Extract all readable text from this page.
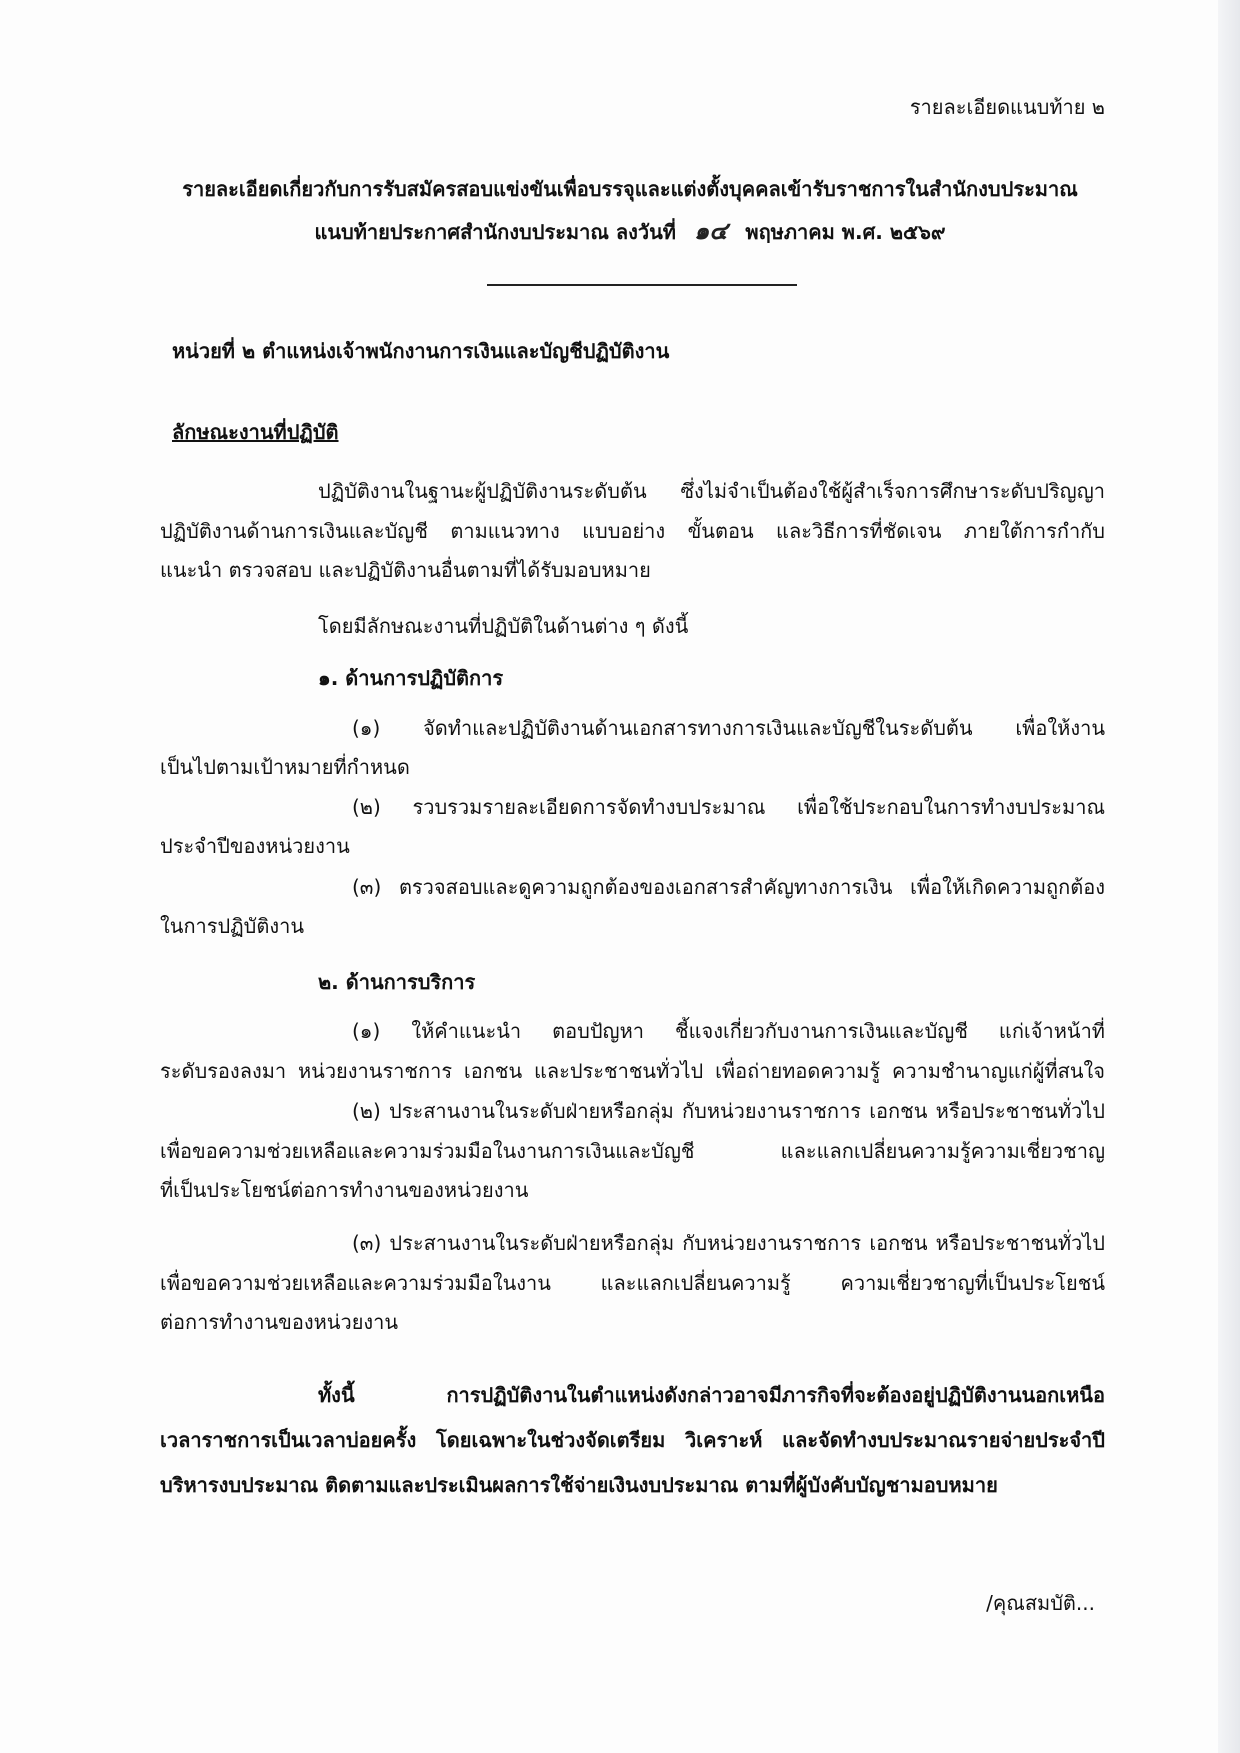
รายละเอียดแนบท้าย ๒
รายละเอียดเกี่ยวกับการรับสมัครสอบแข่งขันเพื่อบรรจุและแต่งตั้งบุคคลเข้ารับราชการในสำนักงบประมาณ
แนบท้ายประกาศสำนักงบประมาณ ลงวันที่ ๑๔ พฤษภาคม พ.ศ. ๒๕๖๙
หน่วยที่ ๒ ตำแหน่งเจ้าพนักงานการเงินและบัญชีปฏิบัติงาน
ลักษณะงานที่ปฏิบัติ
ปฏิบัติงานในฐานะผู้ปฏิบัติงานระดับต้น ซึ่งไม่จำเป็นต้องใช้ผู้สำเร็จการศึกษาระดับปริญญา
ปฏิบัติงานด้านการเงินและบัญชี ตามแนวทาง แบบอย่าง ขั้นตอน และวิธีการที่ชัดเจน ภายใต้การกำกับ
แนะนำ ตรวจสอบ และปฏิบัติงานอื่นตามที่ได้รับมอบหมาย
โดยมีลักษณะงานที่ปฏิบัติในด้านต่าง ๆ ดังนี้
๑. ด้านการปฏิบัติการ
(๑) จัดทำและปฏิบัติงานด้านเอกสารทางการเงินและบัญชีในระดับต้น เพื่อให้งาน
เป็นไปตามเป้าหมายที่กำหนด
(๒) รวบรวมรายละเอียดการจัดทำงบประมาณ เพื่อใช้ประกอบในการทำงบประมาณ
ประจำปีของหน่วยงาน
(๓) ตรวจสอบและดูความถูกต้องของเอกสารสำคัญทางการเงิน เพื่อให้เกิดความถูกต้อง
ในการปฏิบัติงาน
๒. ด้านการบริการ
(๑) ให้คำแนะนำ ตอบปัญหา ชี้แจงเกี่ยวกับงานการเงินและบัญชี แก่เจ้าหน้าที่
ระดับรองลงมา หน่วยงานราชการ เอกชน และประชาชนทั่วไป เพื่อถ่ายทอดความรู้ ความชำนาญแก่ผู้ที่สนใจ
(๒) ประสานงานในระดับฝ่ายหรือกลุ่ม กับหน่วยงานราชการ เอกชน หรือประชาชนทั่วไป
เพื่อขอความช่วยเหลือและความร่วมมือในงานการเงินและบัญชี และแลกเปลี่ยนความรู้ความเชี่ยวชาญ
ที่เป็นประโยชน์ต่อการทำงานของหน่วยงาน
(๓) ประสานงานในระดับฝ่ายหรือกลุ่ม กับหน่วยงานราชการ เอกชน หรือประชาชนทั่วไป
เพื่อขอความช่วยเหลือและความร่วมมือในงาน และแลกเปลี่ยนความรู้ ความเชี่ยวชาญที่เป็นประโยชน์
ต่อการทำงานของหน่วยงาน
ทั้งนี้ การปฏิบัติงานในตำแหน่งดังกล่าวอาจมีภารกิจที่จะต้องอยู่ปฏิบัติงานนอกเหนือ
เวลาราชการเป็นเวลาบ่อยครั้ง โดยเฉพาะในช่วงจัดเตรียม วิเคราะห์ และจัดทำงบประมาณรายจ่ายประจำปี
บริหารงบประมาณ ติดตามและประเมินผลการใช้จ่ายเงินงบประมาณ ตามที่ผู้บังคับบัญชามอบหมาย
/คุณสมบัติ...
